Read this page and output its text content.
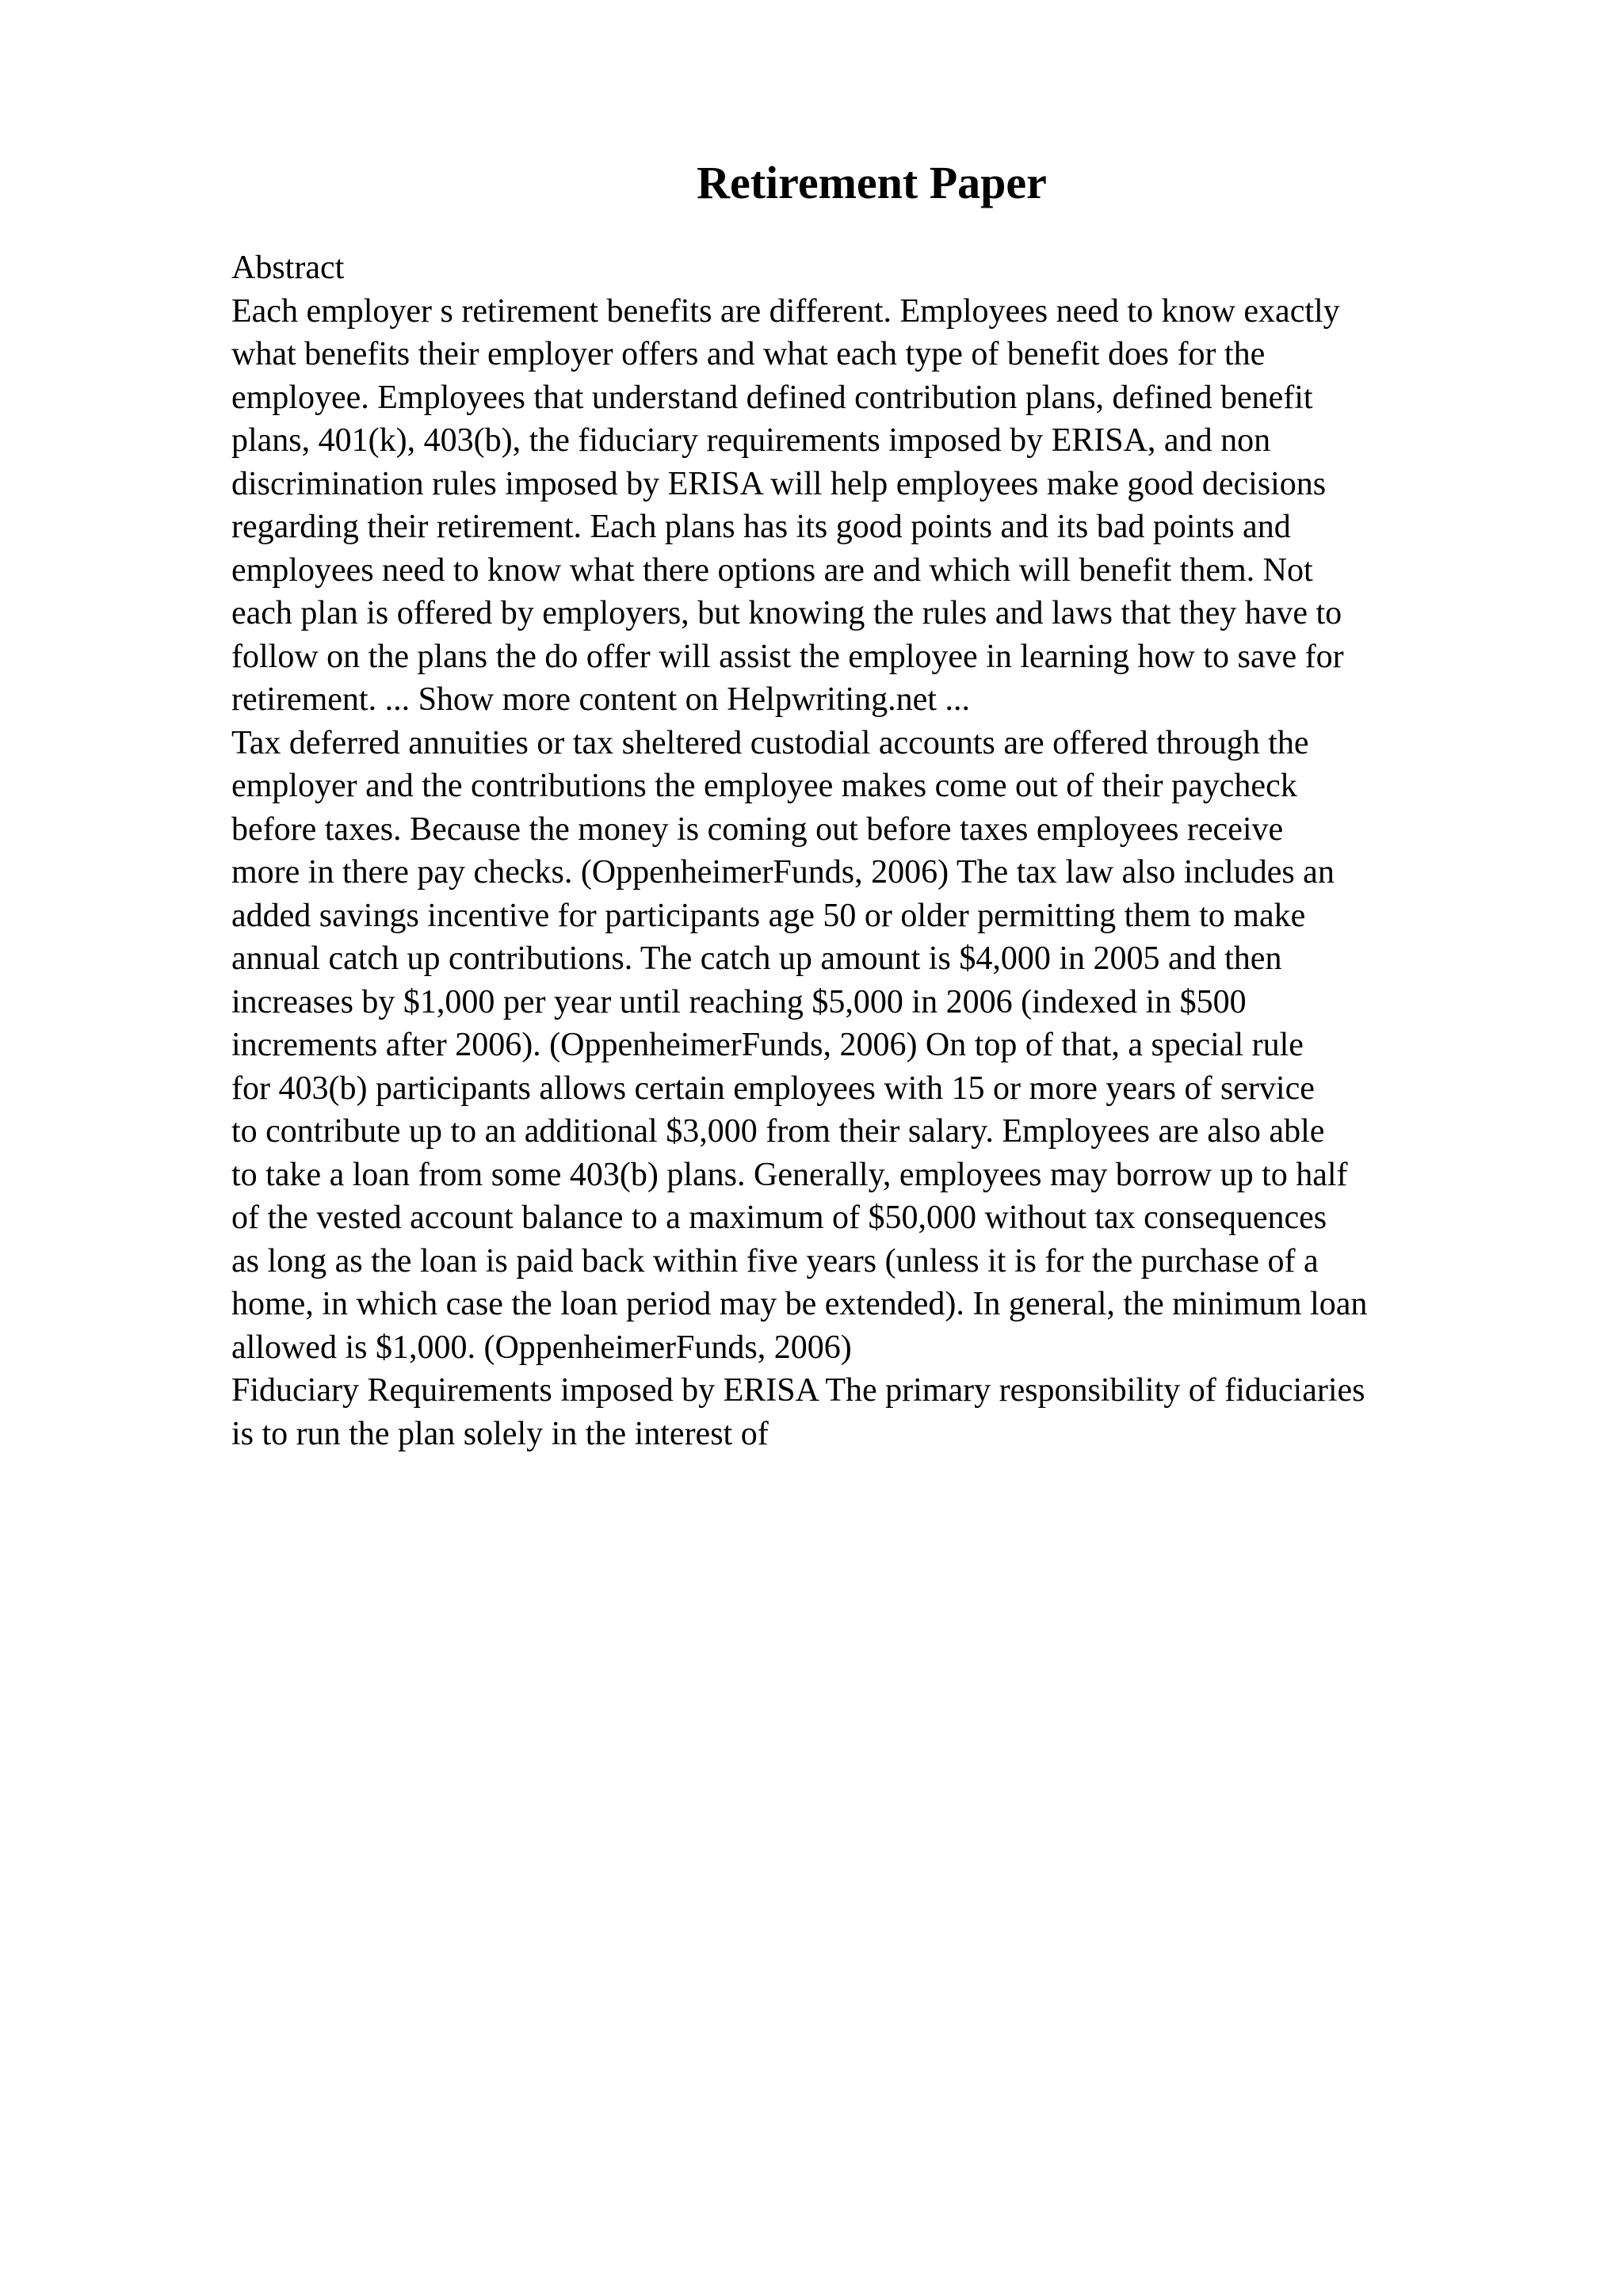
Retirement Paper
Abstract
Each employer s retirement benefits are different. Employees need to know exactly
what benefits their employer offers and what each type of benefit does for the
employee. Employees that understand defined contribution plans, defined benefit
plans, 401(k), 403(b), the fiduciary requirements imposed by ERISA, and non
discrimination rules imposed by ERISA will help employees make good decisions
regarding their retirement. Each plans has its good points and its bad points and
employees need to know what there options are and which will benefit them. Not
each plan is offered by employers, but knowing the rules and laws that they have to
follow on the plans the do offer will assist the employee in learning how to save for
retirement. ... Show more content on Helpwriting.net ...
Tax deferred annuities or tax sheltered custodial accounts are offered through the
employer and the contributions the employee makes come out of their paycheck
before taxes. Because the money is coming out before taxes employees receive
more in there pay checks. (OppenheimerFunds, 2006) The tax law also includes an
added savings incentive for participants age 50 or older permitting them to make
annual catch up contributions. The catch up amount is $4,000 in 2005 and then
increases by $1,000 per year until reaching $5,000 in 2006 (indexed in $500
increments after 2006). (OppenheimerFunds, 2006) On top of that, a special rule
for 403(b) participants allows certain employees with 15 or more years of service
to contribute up to an additional $3,000 from their salary. Employees are also able
to take a loan from some 403(b) plans. Generally, employees may borrow up to half
of the vested account balance to a maximum of $50,000 without tax consequences
as long as the loan is paid back within five years (unless it is for the purchase of a
home, in which case the loan period may be extended). In general, the minimum loan
allowed is $1,000. (OppenheimerFunds, 2006)
Fiduciary Requirements imposed by ERISA The primary responsibility of fiduciaries
is to run the plan solely in the interest of
